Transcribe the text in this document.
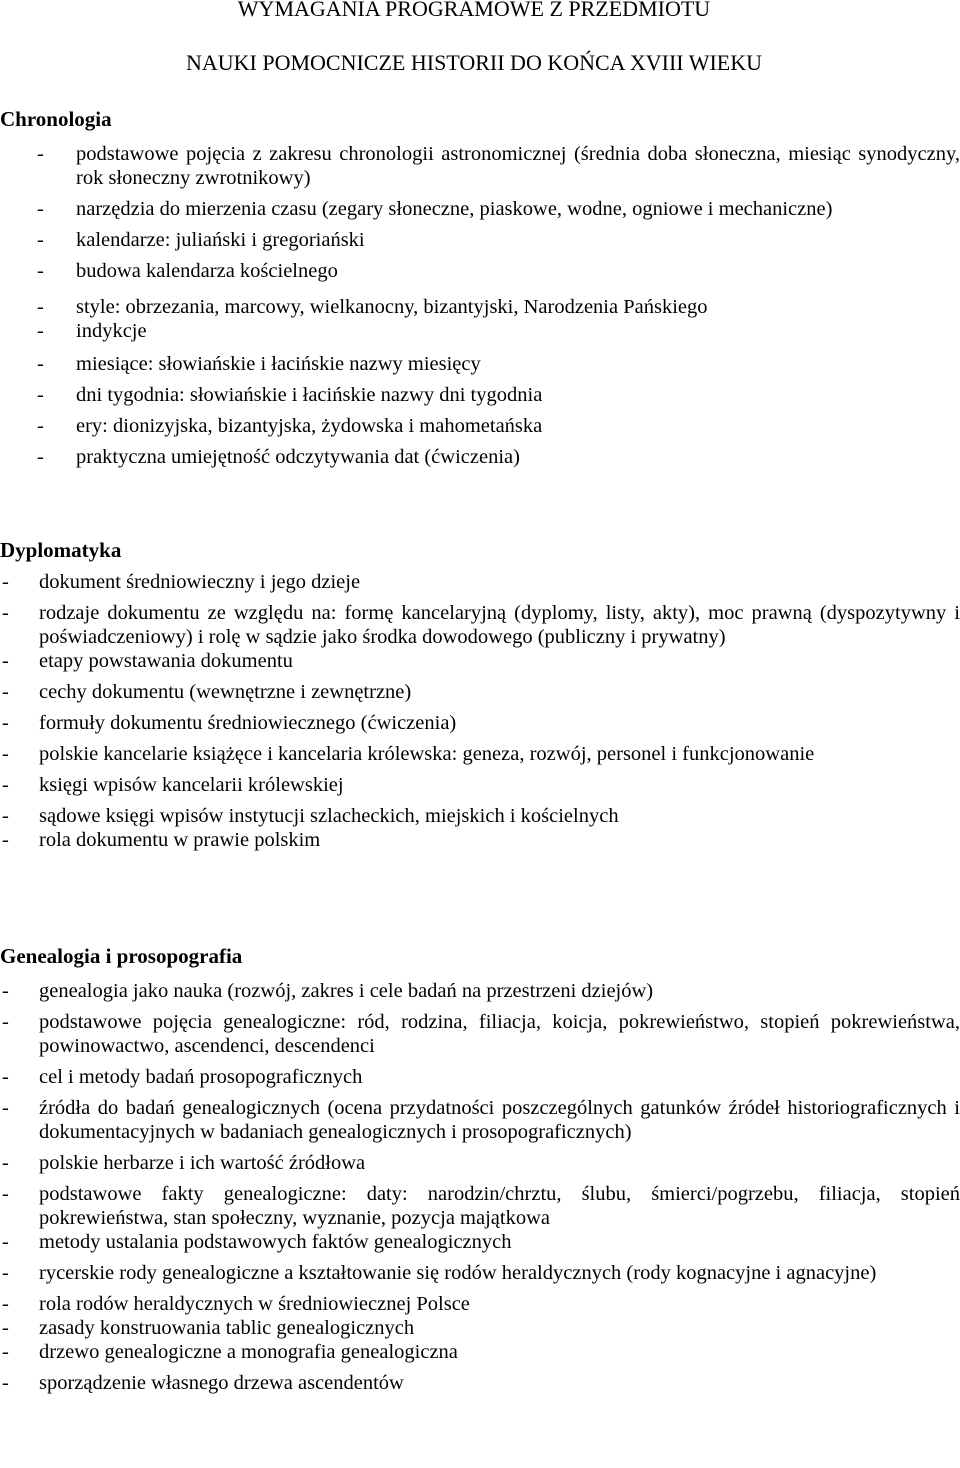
WYMAGANIA PROGRAMOWE Z PRZEDMIOTU
NAUKI POMOCNICZE HISTORII DO KOŃCA XVIII WIEKU
Chronologia
- podstawowe pojęcia z zakresu chronologii astronomicznej (średnia doba słoneczna, miesiąc synodyczny, rok słoneczny zwrotnikowy)
- narzędzia do mierzenia czasu (zegary słoneczne, piaskowe, wodne, ogniowe i mechaniczne)
- kalendarze: juliański i gregoriański
- budowa kalendarza kościelnego
- style: obrzezania, marcowy, wielkanocny, bizantyjski, Narodzenia Pańskiego
- indykcje
- miesiące: słowiańskie i łacińskie nazwy miesięcy
- dni tygodnia: słowiańskie i łacińskie nazwy dni tygodnia
- ery: dionizyjska, bizantyjska, żydowska i mahometańska
- praktyczna umiejętność odczytywania dat (ćwiczenia)
Dyplomatyka
- dokument średniowieczny i jego dzieje
- rodzaje dokumentu ze względu na: formę kancelaryjną (dyplomy, listy, akty), moc prawną (dyspozytywny i poświadczeniowy) i rolę w sądzie jako środka dowodowego (publiczny i prywatny)
- etapy powstawania dokumentu
- cechy dokumentu (wewnętrzne i zewnętrzne)
- formuły dokumentu średniowiecznego (ćwiczenia)
- polskie kancelarie książęce i kancelaria królewska: geneza, rozwój, personel i funkcjonowanie
- księgi wpisów kancelarii królewskiej
- sądowe księgi wpisów instytucji szlacheckich, miejskich i kościelnych
- rola dokumentu w prawie polskim
Genealogia i prosopografia
- genealogia jako nauka (rozwój, zakres i cele badań na przestrzeni dziejów)
- podstawowe pojęcia genealogiczne: ród, rodzina, filiacja, koicja, pokrewieństwo, stopień pokrewieństwa, powinowactwo, ascendenci, descendenci
- cel i metody badań prosopograficznych
- źródła do badań genealogicznych (ocena przydatności poszczególnych gatunków źródeł historiograficznych i dokumentacyjnych w badaniach genealogicznych i prosopograficznych)
- polskie herbarze i ich wartość źródłowa
- podstawowe fakty genealogiczne: daty: narodzin/chrztu, ślubu, śmierci/pogrzebu, filiacja, stopień pokrewieństwa, stan społeczny, wyznanie, pozycja majątkowa
- metody ustalania podstawowych faktów genealogicznych
- rycerskie rody genealogiczne a kształtowanie się rodów heraldycznych (rody kognacyjne i agnacyjne)
- rola rodów heraldycznych w średniowiecznej Polsce
- zasady konstruowania tablic genealogicznych
- drzewo genealogiczne a monografia genealogiczna
- sporządzenie własnego drzewa ascendentów
